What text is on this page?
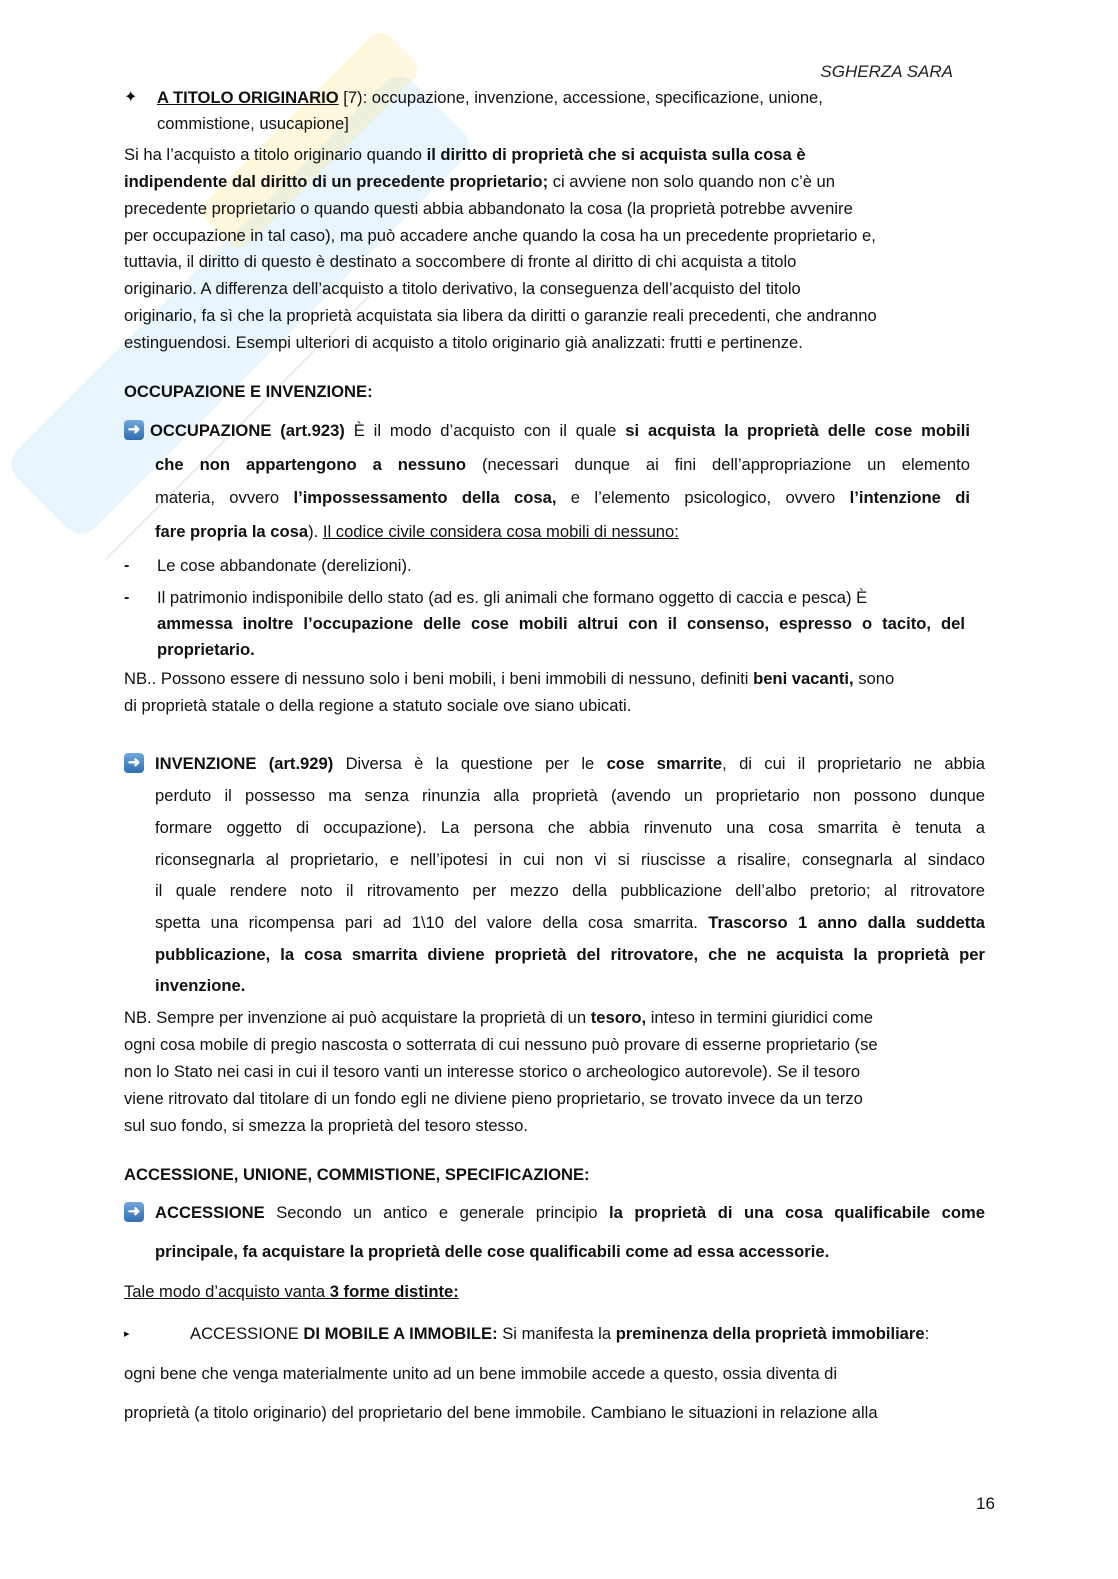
SGHERZA SARA
A TITOLO ORIGINARIO [7): occupazione, invenzione, accessione, specificazione, unione,
✦
commistione, usucapione]
Si ha l’acquisto a titolo originario quando il diritto di proprietà che si acquista sulla cosa è
indipendente dal diritto di un precedente proprietario; ci avviene non solo quando non c’è un
precedente proprietario o quando questi abbia abbandonato la cosa (la proprietà potrebbe avvenire
per occupazione in tal caso), ma può accadere anche quando la cosa ha un precedente proprietario e,
tuttavia, il diritto di questo è destinato a soccombere di fronte al diritto di chi acquista a titolo
originario. A differenza dell’acquisto a titolo derivativo, la conseguenza dell’acquisto del titolo
originario, fa sì che la proprietà acquistata sia libera da diritti o garanzie reali precedenti, che andranno
estinguendosi. Esempi ulteriori di acquisto a titolo originario già analizzati: frutti e pertinenze.
OCCUPAZIONE E INVENZIONE:
OCCUPAZIONE (art.923) È il modo d’acquisto con il quale si acquista la proprietà delle cose mobili
➜
che non appartengono a nessuno (necessari dunque ai fini dell’appropriazione un elemento
materia, ovvero l’impossessamento della cosa, e l’elemento psicologico, ovvero l’intenzione di
fare propria la cosa). Il codice civile considera cosa mobili di nessuno:
Le cose abbandonate (derelizioni).
-
Il patrimonio indisponibile dello stato (ad es. gli animali che formano oggetto di caccia e pesca) È
-
ammessa inoltre l’occupazione delle cose mobili altrui con il consenso, espresso o tacito, del
proprietario.
NB.. Possono essere di nessuno solo i beni mobili, i beni immobili di nessuno, definiti beni vacanti, sono
di proprietà statale o della regione a statuto sociale ove siano ubicati.
INVENZIONE (art.929) Diversa è la questione per le cose smarrite, di cui il proprietario ne abbia
➜
perduto il possesso ma senza rinunzia alla proprietà (avendo un proprietario non possono dunque
formare oggetto di occupazione). La persona che abbia rinvenuto una cosa smarrita è tenuta a
riconsegnarla al proprietario, e nell’ipotesi in cui non vi si riuscisse a risalire, consegnarla al sindaco
il quale rendere noto il ritrovamento per mezzo della pubblicazione dell’albo pretorio; al ritrovatore
spetta una ricompensa pari ad 1\10 del valore della cosa smarrita. Trascorso 1 anno dalla suddetta
pubblicazione, la cosa smarrita diviene proprietà del ritrovatore, che ne acquista la proprietà per
invenzione.
NB. Sempre per invenzione ai può acquistare la proprietà di un tesoro, inteso in termini giuridici come
ogni cosa mobile di pregio nascosta o sotterrata di cui nessuno può provare di esserne proprietario (se
non lo Stato nei casi in cui il tesoro vanti un interesse storico o archeologico autorevole). Se il tesoro
viene ritrovato dal titolare di un fondo egli ne diviene pieno proprietario, se trovato invece da un terzo
sul suo fondo, si smezza la proprietà del tesoro stesso.
ACCESSIONE, UNIONE, COMMISTIONE, SPECIFICAZIONE:
ACCESSIONE Secondo un antico e generale principio la proprietà di una cosa qualificabile come
➜
principale, fa acquistare la proprietà delle cose qualificabili come ad essa accessorie.
Tale modo d’acquisto vanta 3 forme distinte:
ACCESSIONE DI MOBILE A IMMOBILE: Si manifesta la preminenza della proprietà immobiliare:
▸
ogni bene che venga materialmente unito ad un bene immobile accede a questo, ossia diventa di
proprietà (a titolo originario) del proprietario del bene immobile. Cambiano le situazioni in relazione alla
16
